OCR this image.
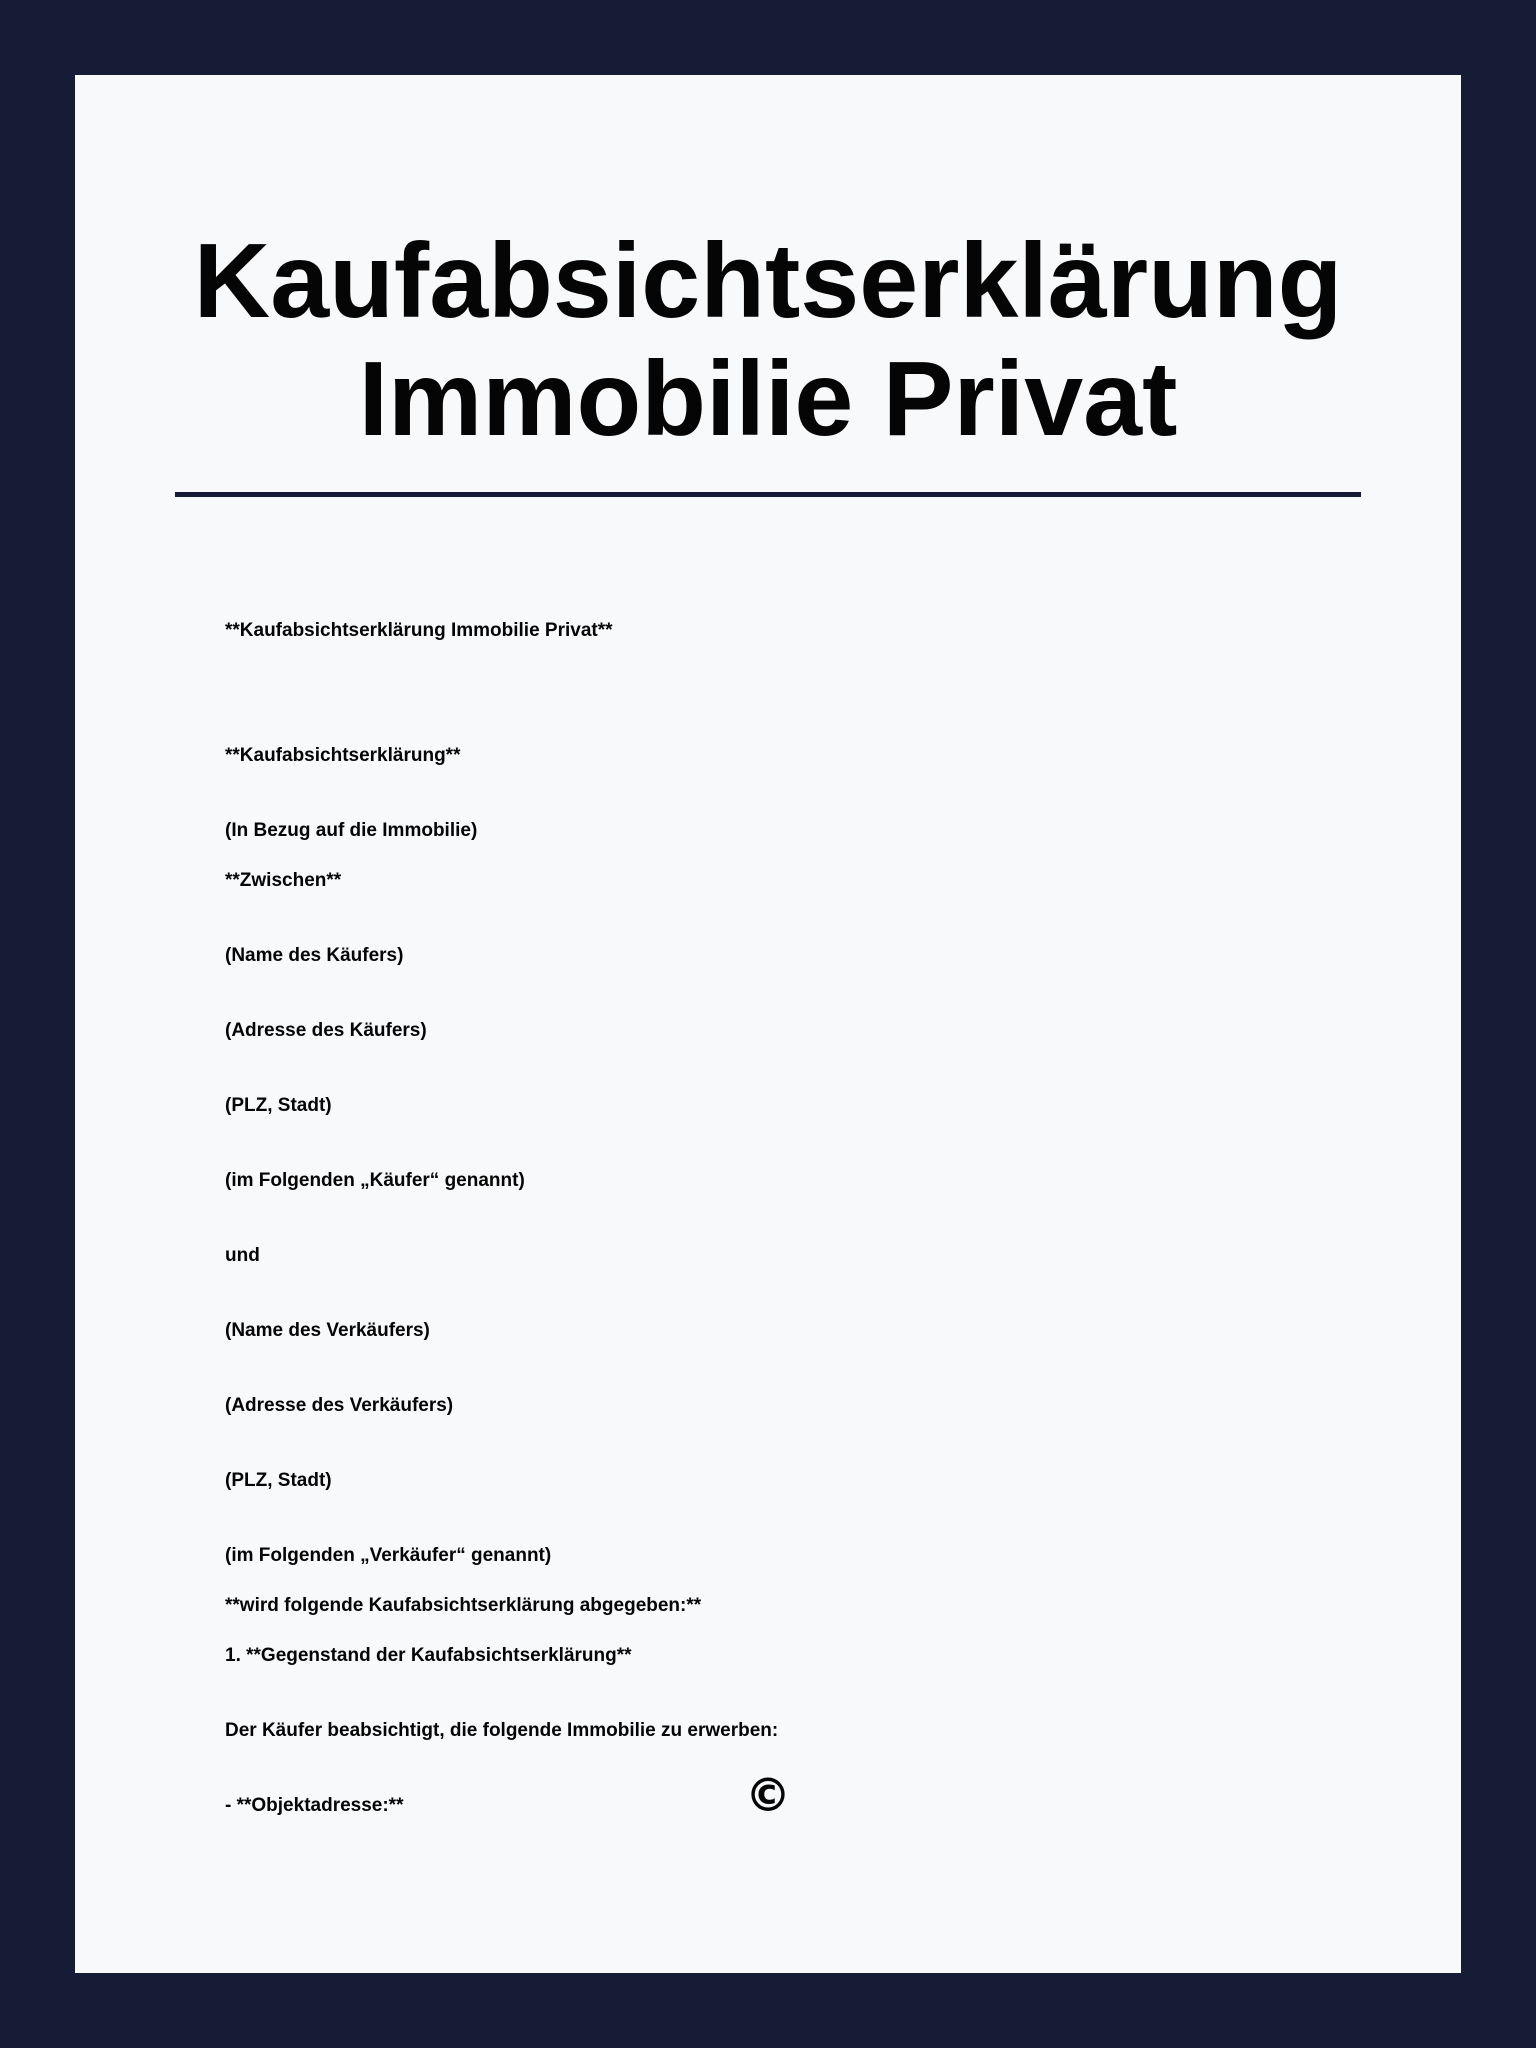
Kaufabsichtserklärung
Immobilie Privat

**Kaufabsichtserklärung Immobilie Privat**

**Kaufabsichtserklärung**

(In Bezug auf die Immobilie)

**Zwischen**

(Name des Käufers)

(Adresse des Käufers)

(PLZ, Stadt)

(im Folgenden „Käufer“ genannt)

und

(Name des Verkäufers)

(Adresse des Verkäufers)

(PLZ, Stadt)

(im Folgenden „Verkäufer“ genannt)

**wird folgende Kaufabsichtserklärung abgegeben:**

1. **Gegenstand der Kaufabsichtserklärung**

Der Käufer beabsichtigt, die folgende Immobilie zu erwerben:

- **Objektadresse:**	©
